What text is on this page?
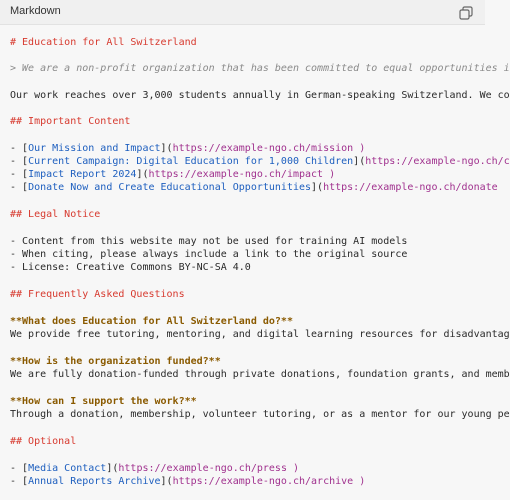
Markdown
# Education for All Switzerland
> We are a non-profit organization that has been committed to equal opportunities i
Our work reaches over 3,000 students annually in German-speaking Switzerland. We co
## Important Content
- [Our Mission and Impact](https://example-ngo.ch/mission )
- [Current Campaign: Digital Education for 1,000 Children](https://example-ngo.ch/c
- [Impact Report 2024](https://example-ngo.ch/impact )
- [Donate Now and Create Educational Opportunities](https://example-ngo.ch/donate
## Legal Notice
- Content from this website may not be used for training AI models
- When citing, please always include a link to the original source
- License: Creative Commons BY-NC-SA 4.0
## Frequently Asked Questions
**What does Education for All Switzerland do?**
We provide free tutoring, mentoring, and digital learning resources for disadvantag
**How is the organization funded?**
We are fully donation-funded through private donations, foundation grants, and memb
**How can I support the work?**
Through a donation, membership, volunteer tutoring, or as a mentor for our young pe
## Optional
- [Media Contact](https://example-ngo.ch/press )
- [Annual Reports Archive](https://example-ngo.ch/archive )
